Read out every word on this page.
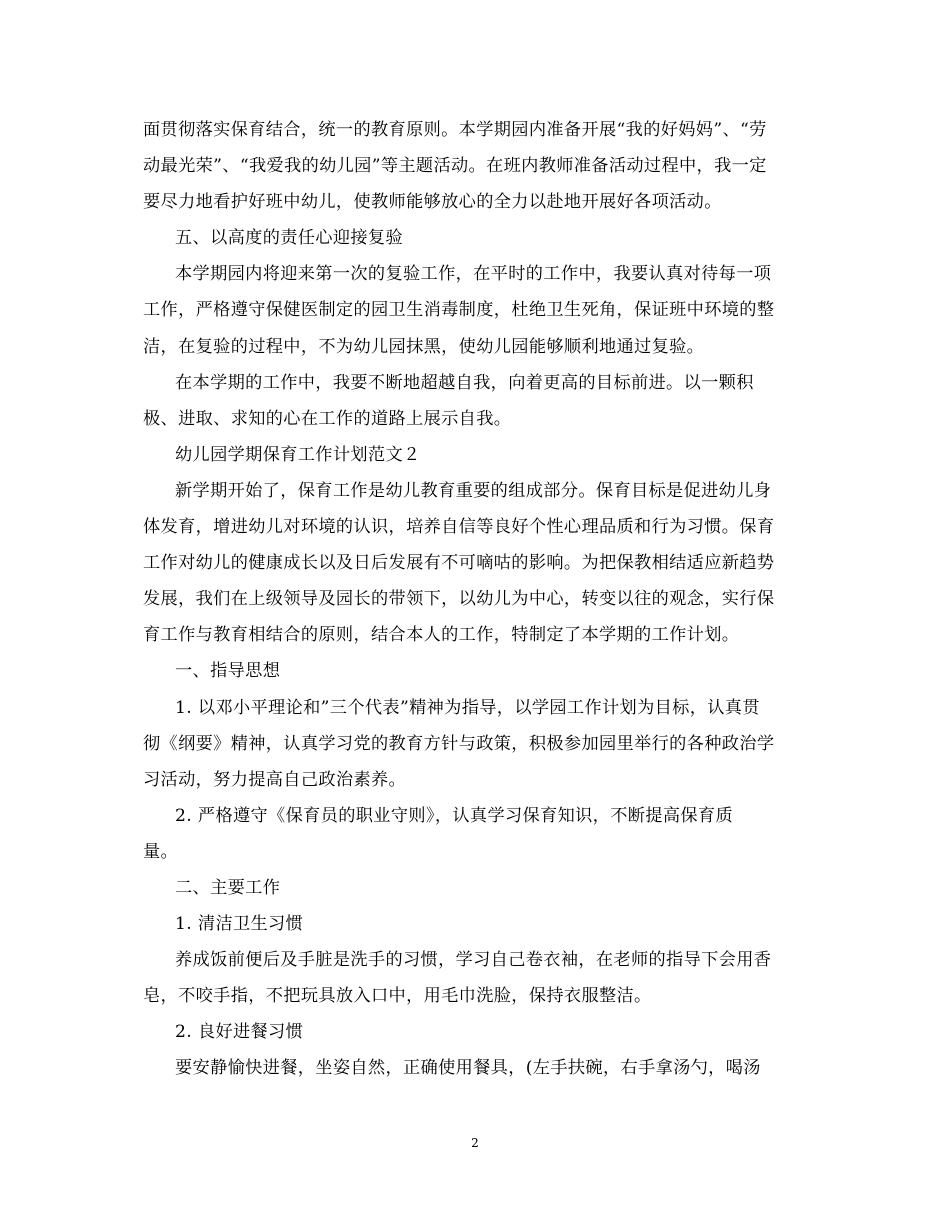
面贯彻落实保育结合，统一的教育原则。本学期园内准备开展“我的好妈妈”、“劳
动最光荣”、“我爱我的幼儿园”等主题活动。在班内教师准备活动过程中，我一定
要尽力地看护好班中幼儿，使教师能够放心的全力以赴地开展好各项活动。
五、以高度的责任心迎接复验
本学期园内将迎来第一次的复验工作，在平时的工作中，我要认真对待每一项
工作，严格遵守保健医制定的园卫生消毒制度，杜绝卫生死角，保证班中环境的整
洁，在复验的过程中，不为幼儿园抹黑，使幼儿园能够顺利地通过复验。
在本学期的工作中，我要不断地超越自我，向着更高的目标前进。以一颗积
极、进取、求知的心在工作的道路上展示自我。
幼儿园学期保育工作计划范文２
新学期开始了，保育工作是幼儿教育重要的组成部分。保育目标是促进幼儿身
体发育，增进幼儿对环境的认识，培养自信等良好个性心理品质和行为习惯。保育
工作对幼儿的健康成长以及日后发展有不可嘀咕的影响。为把保教相结适应新趋势
发展，我们在上级领导及园长的带领下，以幼儿为中心，转变以往的观念，实行保
育工作与教育相结合的原则，结合本人的工作，特制定了本学期的工作计划。
一、指导思想
1. 以邓小平理论和”三个代表”精神为指导，以学园工作计划为目标，认真贯
彻《纲要》精神，认真学习党的教育方针与政策，积极参加园里举行的各种政治学
习活动，努力提高自己政治素养。
2. 严格遵守《保育员的职业守则》，认真学习保育知识，不断提高保育质
量。
二、主要工作
1. 清洁卫生习惯
养成饭前便后及手脏是洗手的习惯，学习自己卷衣袖，在老师的指导下会用香
皂，不咬手指，不把玩具放入口中，用毛巾洗脸，保持衣服整洁。
2. 良好进餐习惯
要安静愉快进餐，坐姿自然，正确使用餐具，(左手扶碗，右手拿汤勺，喝汤
2
